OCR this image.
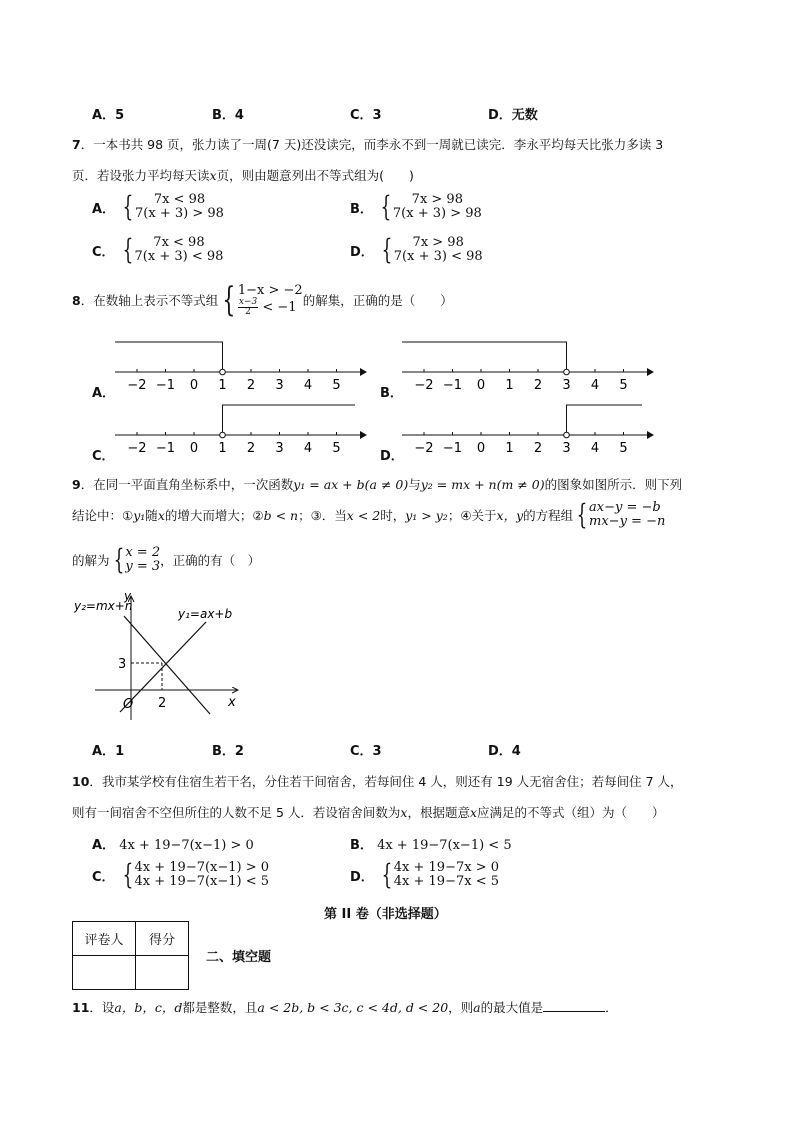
A．5	B．4	C．3	D．无数
7．一本书共 98 页，张力读了一周(7 天)还没读完，而李永不到一周就已读完．李永平均每天比张力多读 3
页．若设张力平均每天读x页，则由题意列出不等式组为(　　)
A． { 7x < 98
7(x + 3) > 98	B． { 7x > 98
7(x + 3) > 98
C． { 7x < 98
7(x + 3) < 98	D． { 7x > 98
7(x + 3) < 98
8 ．在数轴上表示不等式组 { 1−x > −2
$\frac{x-3}{2} < -1$ 的解集，正确的是（　　）
−2 −1 0 1 2 3 4 5	−2 −1 0 1 2 3 4 5
−2 −1 0 1 2 3 4 5	−2 −1 0 1 2 3 4 5
A．	B．
C．	D．
9．在同一平面直角坐标系中，一次函数y₁ = ax + b(a ≠ 0)与y₂ = mx + n(m ≠ 0)的图象如图所示．则下列
结论中：① y₁ 随 x 的增大而增大；② b < n ；③．当 x < 2 时， y₁ > y₂ ；④关于 x，y 的方程组 { ax−y = −b
mx−y = −n
的解为 { x = 2
y = 3 ，正确的有（　）
y₂=mx+n
y₁=ax+b
y
x
O
3
2
A．1	B．2	C．3	D．4
10．我市某学校有住宿生若干名，分住若干间宿舍，若每间住 4 人，则还有 19 人无宿舍住；若每间住 7 人，
则有一间宿舍不空但所住的人数不足 5 人．若设宿舍间数为x，根据题意x应满足的不等式（组）为（　　）
A． 4x + 19−7(x−1) > 0	B． 4x + 19−7(x−1) < 5
C． { 4x + 19−7(x−1) > 0
4x + 19−7(x−1) < 5	D． { 4x + 19−7x > 0
4x + 19−7x < 5
第 II 卷（非选择题）
评卷人	得分

二、填空题
11．设a，b，c，d都是整数，且a < 2b, b < 3c, c < 4d, d < 20，则a的最大值是	．
